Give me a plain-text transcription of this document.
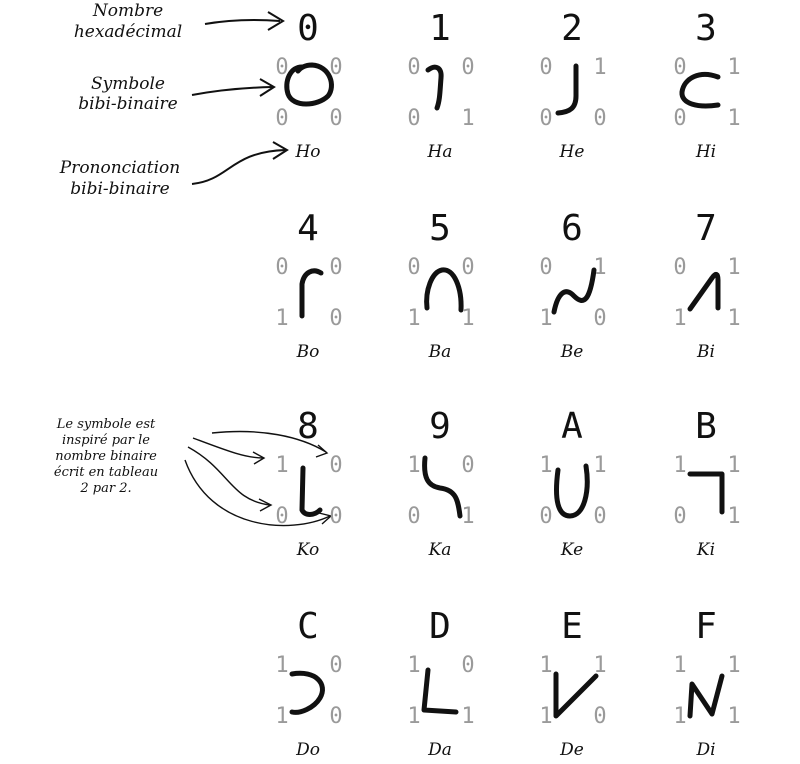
Nombre
hexadécimal
Symbole
bibi-binaire
Prononciation
bibi-binaire
Le symbole est
inspiré par le
nombre binaire
écrit en tableau
2 par 2.
0
0 0
0 0
Ho
1
0 0
0 1
Ha
2
0 1
0 0
He
3
0 1
0 1
Hi
4
0 0
1 0
Bo
5
0 0
1 1
Ba
6
0 1
1 0
Be
7
0 1
1 1
Bi
8
1 0
0 0
Ko
9
1 0
0 1
Ka
A
1 1
0 0
Ke
B
1 1
0 1
Ki
C
1 0
1 0
Do
D
1 0
1 1
Da
E
1 1
1 0
De
F
1 1
1 1
Di
